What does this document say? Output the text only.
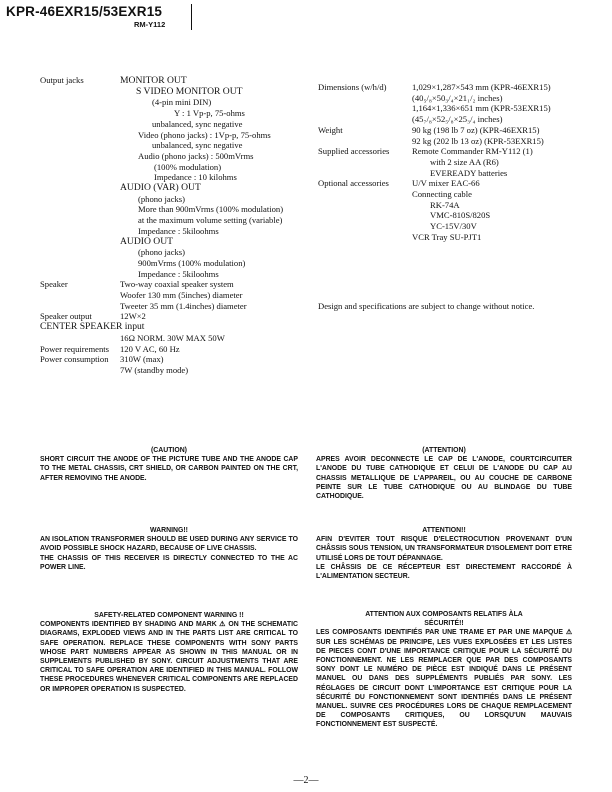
KPR-46EXR15/53EXR15
RM-Y112
Output jacks	MONITOR OUT
S VIDEO MONITOR OUT
(4-pin mini DIN)
Y : 1 Vp-p, 75-ohms
unbalanced, sync negative
Video (phono jacks) : 1Vp-p, 75-ohms
unbalanced, sync negative
Audio (phono jacks) : 500mVrms
(100% modulation)
Impedance : 10 kilohms
AUDIO (VAR) OUT
(phono jacks)
More than 900mVrms (100% modulation)
at the maximum volume setting (variable)
Impedance : 5kiloohms
AUDIO OUT
(phono jacks)
900mVrms (100% modulation)
Impedance : 5kiloohms
Speaker	Two-way coaxial speaker system
Woofer 130 mm (5inches) diameter
Tweeter 35 mm (1.4inches) diameter
Speaker output	12W×2
CENTER SPEAKER input
16Ω NORM. 30W MAX 50W
Power requirements 120 V AC, 60 Hz
Power consumption 310W (max)
7W (standby mode)
Dimensions (w/h/d)	1,029×1,287×543 mm (KPR-46EXR15)
(40₅/₈×50₃/₄×21₁/₂ inches)
1,164×1,336×651 mm (KPR-53EXR15)
(45₇/₈×52₅/₈×25₃/₄ inches)
Weight	90 kg (198 lb 7 oz) (KPR-46EXR15)
92 kg (202 lb 13 oz) (KPR-53EXR15)
Supplied accessories	Remote Commander RM-Y112 (1)
with 2 size AA (R6)
EVEREADY batteries
Optional accessories	U/V mixer EAC-66
Connecting cable
RK-74A
VMC-810S/820S
YC-15V/30V
VCR Tray SU-PJT1
Design and specifications are subject to change without notice.
(CAUTION)

SHORT CIRCUIT THE ANODE OF THE PICTURE TUBE AND THE ANODE CAP TO THE METAL CHASSIS, CRT SHIELD, OR CARBON PAINTED ON THE CRT, AFTER REMOVING THE ANODE.

WARNING!!

AN ISOLATION TRANSFORMER SHOULD BE USED DURING ANY SERVICE TO AVOID POSSIBLE SHOCK HAZARD, BECAUSE OF LIVE CHASSIS.

THE CHASSIS OF THIS RECEIVER IS DIRECTLY CONNECTED TO THE AC POWER LINE.

SAFETY-RELATED COMPONENT WARNING !!

COMPONENTS IDENTIFIED BY SHADING AND MARK ⚠ ON THE SCHEMATIC DIAGRAMS, EXPLODED VIEWS AND IN THE PARTS LIST ARE CRITICAL TO SAFE OPERATION. REPLACE THESE COMPONENTS WITH SONY PARTS WHOSE PART NUMBERS APPEAR AS SHOWN IN THIS MANUAL OR IN SUPPLEMENTS PUBLISHED BY SONY. CIRCUIT ADJUSTMENTS THAT ARE CRITICAL TO SAFE OPERATION ARE IDENTIFIED IN THIS MANUAL. FOLLOW THESE PROCEDURES WHENEVER CRITICAL COMPONENTS ARE REPLACED OR IMPROPER OPERATION IS SUSPECTED.

(ATTENTION)

APRES AVOIR DECONNECTE LE CAP DE L'ANODE, COURTCIRCUITER L'ANODE DU TUBE CATHODIQUE ET CELUI DE L'ANODE DU CAP AU CHASSIS METALLIQUE DE L'APPAREIL, OU AU COUCHE DE CARBONE PEINTE SUR LE TUBE CATHODIQUE OU AU BLINDAGE DU TUBE CATHODIQUE.

ATTENTION!!

AFIN D'EVITER TOUT RISQUE D'ELECTROCUTION PROVENANT D'UN CHÂSSIS SOUS TENSION, UN TRANSFORMATEUR D'ISOLEMENT DOIT ETRE UTILISÉ LORS DE TOUT DÉPANNAGE.

LE CHÂSSIS DE CE RÉCEPTEUR EST DIRECTEMENT RACCORDÉ À L'ALIMENTATION SECTEUR.

ATTENTION AUX COMPOSANTS RELATIFS ÀLA
SÉCURITÉ!!

LES COMPOSANTS IDENTIFIÉS PAR UNE TRAME ET PAR UNE MAPQUE ⚠ SUR LES SCHÉMAS DE PRINCIPE, LES VUES EXPLOSÉES ET LES LISTES DE PIECES CONT D'UNE IMPORTANCE CRITIQUE POUR LA SÉCURITÉ DU FONCTIONNEMENT. NE LES REMPLACER QUE PAR DES COMPOSANTS SONY DONT LE NUMÉRO DE PIÈCE EST INDIQUÉ DANS LE PRÉSENT MANUEL OU DANS DES SUPPLÉMENTS PUBLIÉS PAR SONY. LES RÉGLAGES DE CIRCUIT DONT L'IMPORTANCE EST CRITIQUE POUR LA SÉCURITÉ DU FONCTIONNEMENT SONT IDENTIFIÉS DANS LE PRÉSENT MANUEL. SUIVRE CES PROCÉDURES LORS DE CHAQUE REMPLACEMENT DE COMPOSANTS CRITIQUES, OU LORSQU'UN MAUVAIS FONCTIONNEMENT EST SUSPECTÉ.

—2—
